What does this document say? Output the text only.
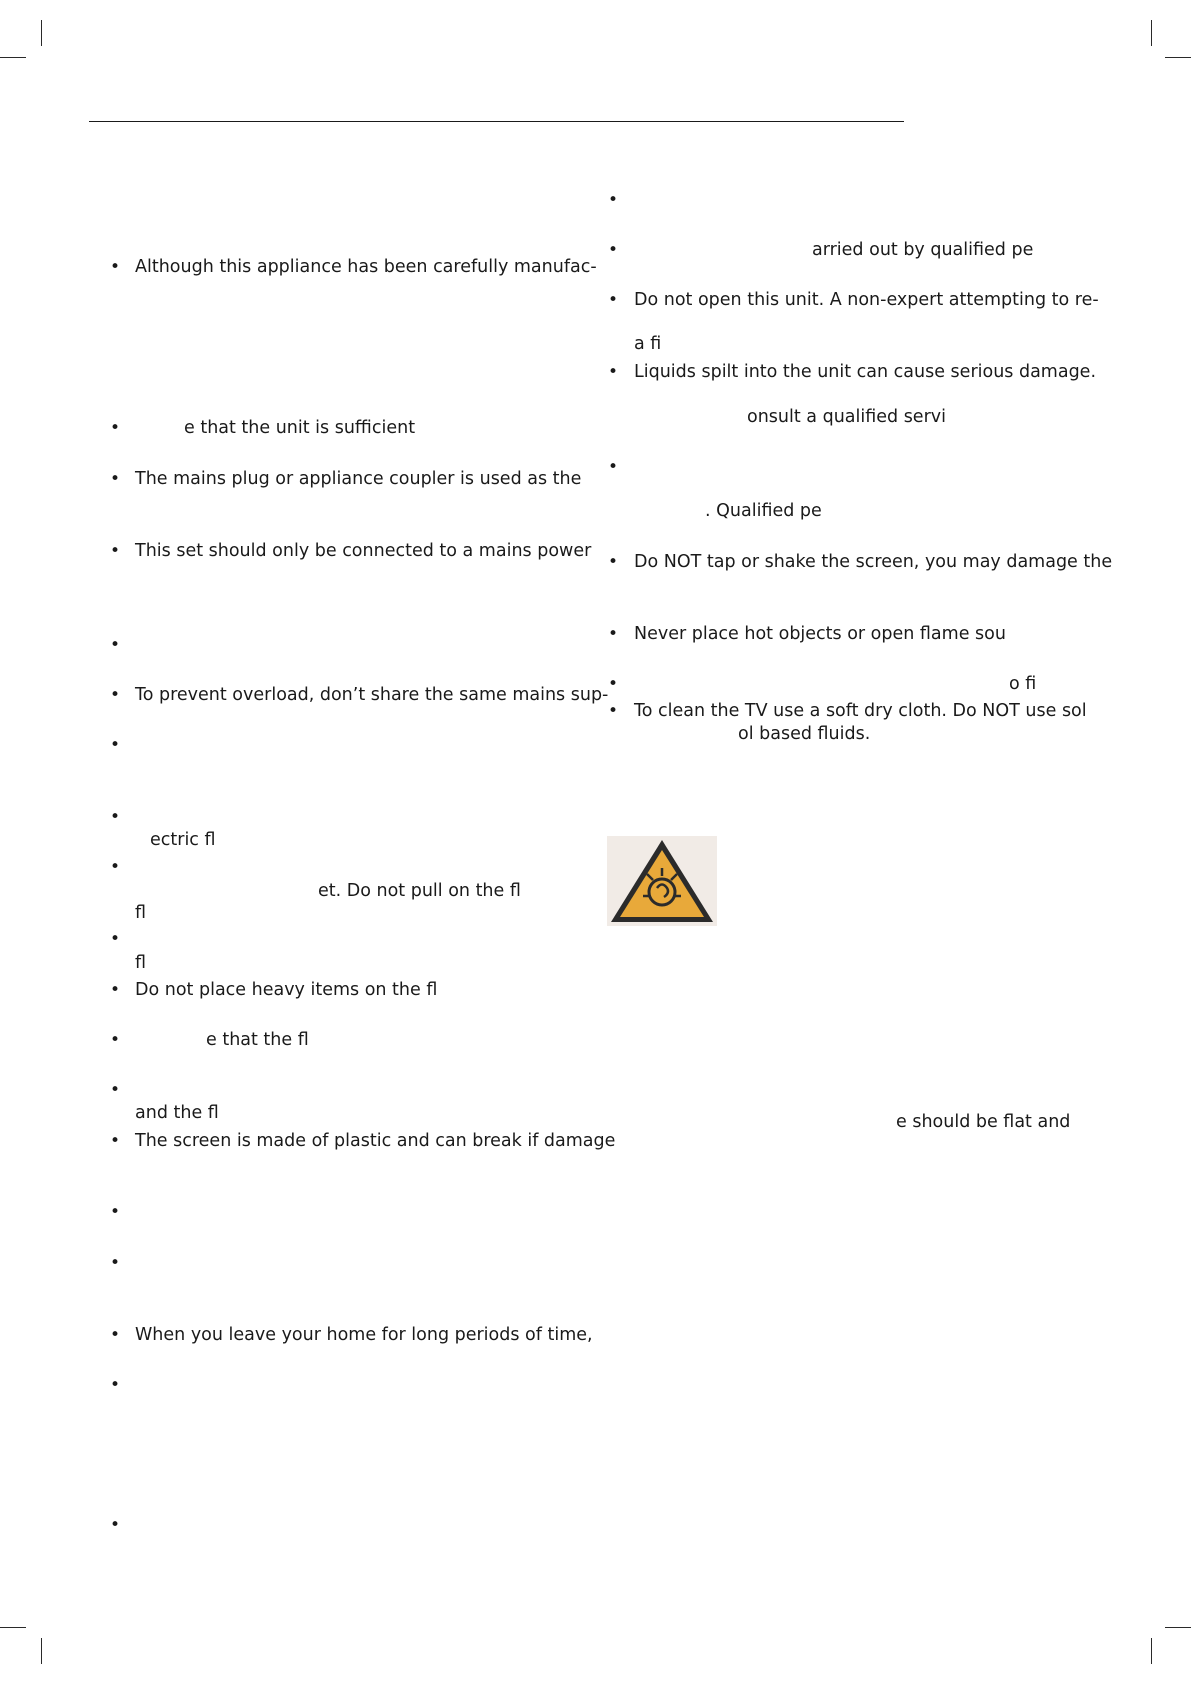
•
•
•
•
•
•
•
•
•
•
•
•
•
•
•
•
•
•
•
Although this appliance has been carefully manufac-
e that the unit is sufficient
The mains plug or appliance coupler is used as the
This set should only be connected to a mains power
To prevent overload, don’t share the same mains sup-
ectric fl
et. Do not pull on the fl
fl
fl
Do not place heavy items on the fl
e that the fl
and the fl
The screen is made of plastic and can break if damage
When you leave your home for long periods of time,
•
•
•
•
•
•
•
•
•
arried out by qualified pe
Do not open this unit. A non-expert attempting to re-
a fi
Liquids spilt into the unit can cause serious damage.
onsult a qualified servi
. Qualified pe
Do NOT tap or shake the screen, you may damage the
Never place hot objects or open flame sou
o fi
To clean the TV use a soft dry cloth. Do NOT use sol
ol based fluids.
e should be flat and
